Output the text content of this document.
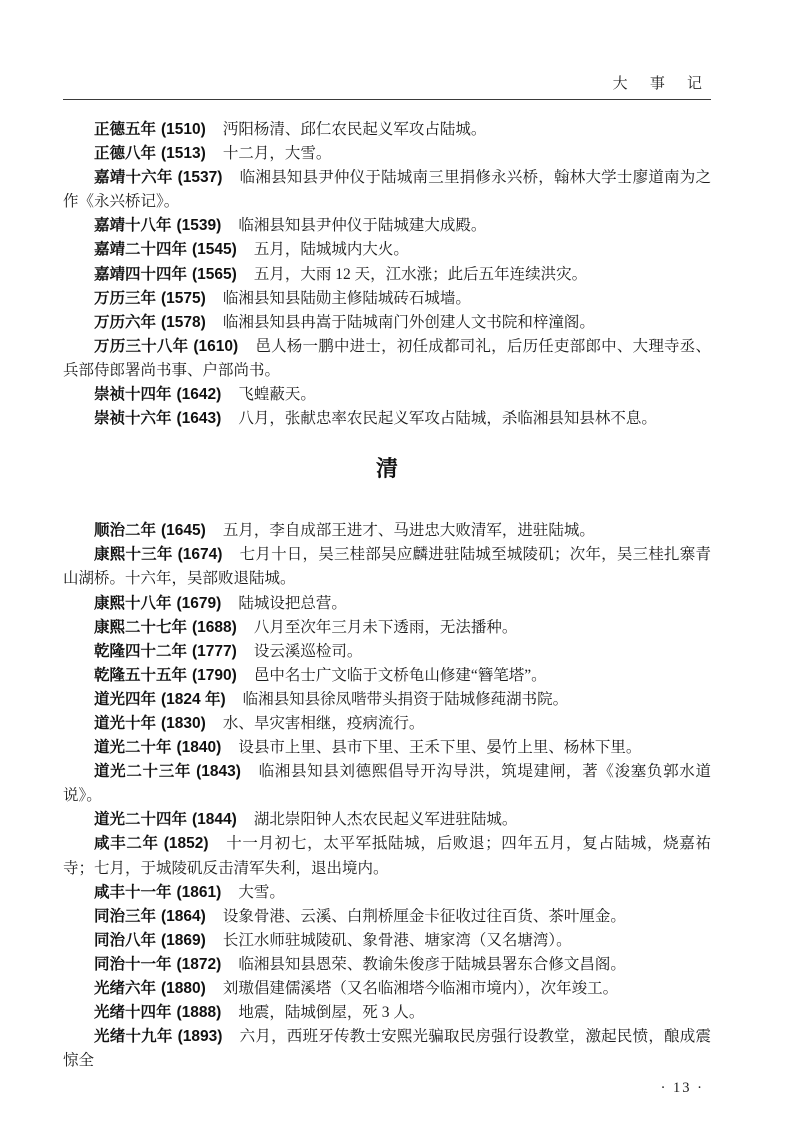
大 事 记

正德五年 (1510) 沔阳杨清、邱仁农民起义军攻占陆城。

正德八年 (1513) 十二月，大雪。

嘉靖十六年 (1537) 临湘县知县尹仲仪于陆城南三里捐修永兴桥，翰林大学士廖道南为之作《永兴桥记》。

嘉靖十八年 (1539) 临湘县知县尹仲仪于陆城建大成殿。

嘉靖二十四年 (1545) 五月，陆城城内大火。

嘉靖四十四年 (1565) 五月，大雨 12 天，江水涨；此后五年连续洪灾。

万历三年 (1575) 临湘县知县陆勋主修陆城砖石城墙。

万历六年 (1578) 临湘县知县冉嵩于陆城南门外创建人文书院和梓潼阁。

万历三十八年 (1610) 邑人杨一鹏中进士，初任成都司礼，后历任吏部郎中、大理寺丞、兵部侍郎署尚书事、户部尚书。

崇祯十四年 (1642) 飞蝗蔽天。

崇祯十六年 (1643) 八月，张献忠率农民起义军攻占陆城，杀临湘县知县林不息。

清

顺治二年 (1645) 五月，李自成部王进才、马进忠大败清军，进驻陆城。

康熙十三年 (1674) 七月十日，吴三桂部吴应麟进驻陆城至城陵矶；次年，吴三桂扎寨青山湖桥。十六年，吴部败退陆城。

康熙十八年 (1679) 陆城设把总营。

康熙二十七年 (1688) 八月至次年三月未下透雨，无法播种。

乾隆四十二年 (1777) 设云溪巡检司。

乾隆五十五年 (1790) 邑中名士广文临于文桥龟山修建“簪笔塔”。

道光四年 (1824 年) 临湘县知县徐凤喈带头捐资于陆城修莼湖书院。

道光十年 (1830) 水、旱灾害相继，疫病流行。

道光二十年 (1840) 设县市上里、县市下里、王禾下里、晏竹上里、杨林下里。

道光二十三年 (1843) 临湘县知县刘德熙倡导开沟导洪，筑堤建闸，著《浚塞负郭水道说》。

道光二十四年 (1844) 湖北崇阳钟人杰农民起义军进驻陆城。

咸丰二年 (1852) 十一月初七，太平军抵陆城，后败退；四年五月，复占陆城，烧嘉祐寺；七月，于城陵矶反击清军失利，退出境内。

咸丰十一年 (1861) 大雪。

同治三年 (1864) 设象骨港、云溪、白荆桥厘金卡征收过往百货、茶叶厘金。

同治八年 (1869) 长江水师驻城陵矶、象骨港、塘家湾（又名塘湾）。

同治十一年 (1872) 临湘县知县恩荣、教谕朱俊彦于陆城县署东合修文昌阁。

光绪六年 (1880) 刘璈倡建儒溪塔（又名临湘塔今临湘市境内），次年竣工。

光绪十四年 (1888) 地震，陆城倒屋，死 3 人。

光绪十九年 (1893) 六月，西班牙传教士安熙光骗取民房强行设教堂，激起民愤，酿成震惊全

· 13 ·
